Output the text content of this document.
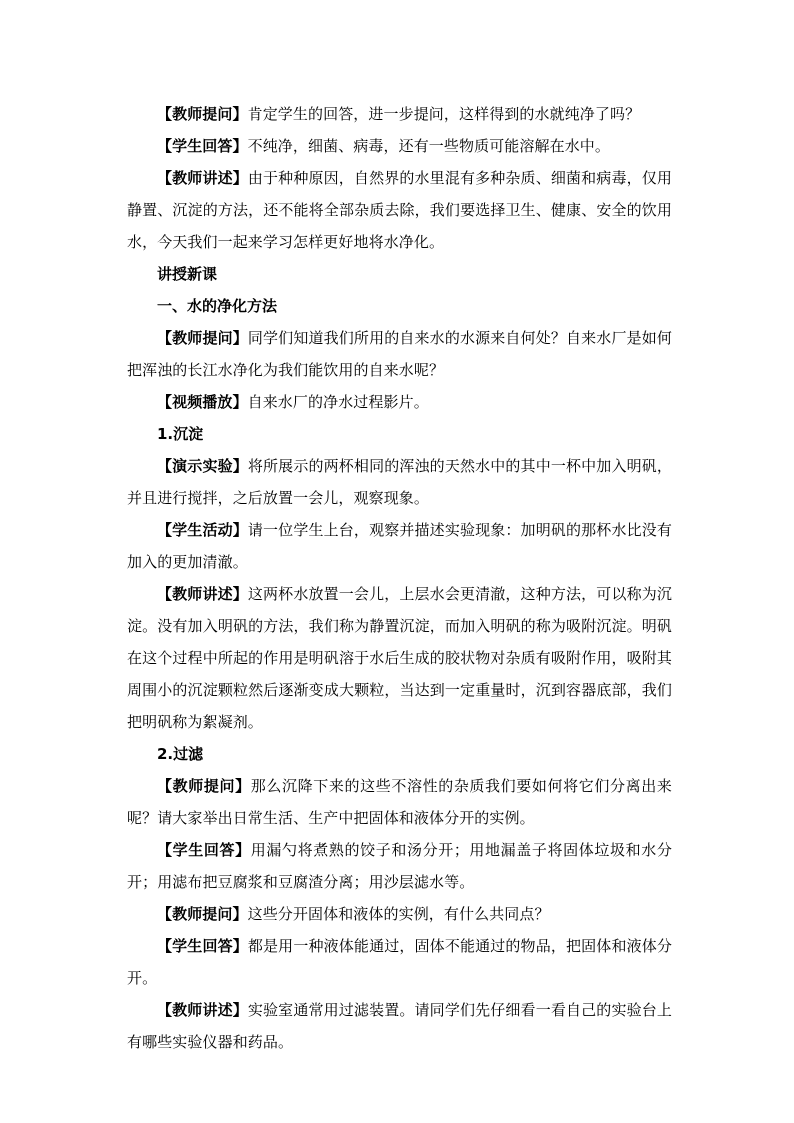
【教师提问】肯定学生的回答，进一步提问，这样得到的水就纯净了吗？

【学生回答】不纯净，细菌、病毒，还有一些物质可能溶解在水中。

【教师讲述】由于种种原因，自然界的水里混有多种杂质、细菌和病毒，仅用静置、沉淀的方法，还不能将全部杂质去除，我们要选择卫生、健康、安全的饮用水，今天我们一起来学习怎样更好地将水净化。

讲授新课

一、水的净化方法

【教师提问】同学们知道我们所用的自来水的水源来自何处？自来水厂是如何把浑浊的长江水净化为我们能饮用的自来水呢？

【视频播放】自来水厂的净水过程影片。

1.沉淀

【演示实验】将所展示的两杯相同的浑浊的天然水中的其中一杯中加入明矾，并且进行搅拌，之后放置一会儿，观察现象。

【学生活动】请一位学生上台，观察并描述实验现象：加明矾的那杯水比没有加入的更加清澈。

【教师讲述】这两杯水放置一会儿，上层水会更清澈，这种方法，可以称为沉淀。没有加入明矾的方法，我们称为静置沉淀，而加入明矾的称为吸附沉淀。明矾在这个过程中所起的作用是明矾溶于水后生成的胶状物对杂质有吸附作用，吸附其周围小的沉淀颗粒然后逐渐变成大颗粒，当达到一定重量时，沉到容器底部，我们把明矾称为絮凝剂。

2.过滤

【教师提问】那么沉降下来的这些不溶性的杂质我们要如何将它们分离出来呢？请大家举出日常生活、生产中把固体和液体分开的实例。

【学生回答】用漏勺将煮熟的饺子和汤分开；用地漏盖子将固体垃圾和水分开；用滤布把豆腐浆和豆腐渣分离；用沙层滤水等。

【教师提问】这些分开固体和液体的实例，有什么共同点？

【学生回答】都是用一种液体能通过，固体不能通过的物品，把固体和液体分开。

【教师讲述】实验室通常用过滤装置。请同学们先仔细看一看自己的实验台上有哪些实验仪器和药品。
